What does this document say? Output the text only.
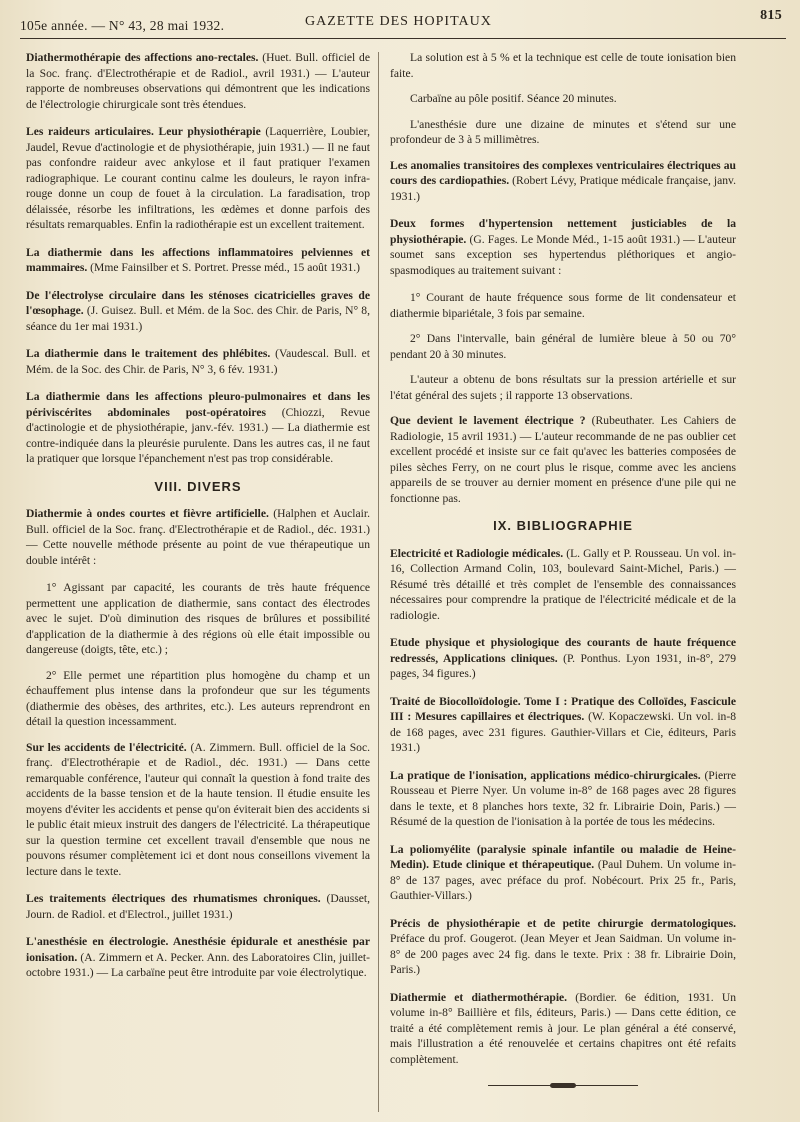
105e année. — N° 43, 28 mai 1932.	GAZETTE DES HOPITAUX	815

Diathermothérapie des affections ano-rectales. (Huet. Bull. officiel de la Soc. franç. d'Electrothérapie et de Radiol., avril 1931.) — L'auteur rapporte de nombreuses observations qui démontrent que les indications de l'électrologie chirurgicale sont très étendues.

Les raideurs articulaires. Leur physiothérapie (Laquerrière, Loubier, Jaudel, Revue d'actinologie et de physiothérapie, juin 1931.) — Il ne faut pas confondre raideur avec ankylose et il faut pratiquer l'examen radiographique. Le courant continu calme les douleurs, le rayon infra-rouge donne un coup de fouet à la circulation. La faradisation, trop délaissée, résorbe les infiltrations, les œdèmes et donne parfois des résultats remarquables. Enfin la radiothérapie est un excellent traitement.

La diathermie dans les affections inflammatoires pelviennes et mammaires. (Mme Fainsilber et S. Portret. Presse méd., 15 août 1931.)

De l'électrolyse circulaire dans les sténoses cicatricielles graves de l'œsophage. (J. Guisez. Bull. et Mém. de la Soc. des Chir. de Paris, N° 8, séance du 1er mai 1931.)

La diathermie dans le traitement des phlébites. (Vaudescal. Bull. et Mém. de la Soc. des Chir. de Paris, N° 3, 6 fév. 1931.)

La diathermie dans les affections pleuro-pulmonaires et dans les périviscérites abdominales post-opératoires (Chiozzi, Revue d'actinologie et de physiothérapie, janv.-fév. 1931.) — La diathermie est contre-indiquée dans la pleurésie purulente. Dans les autres cas, il ne faut la pratiquer que lorsque l'épanchement n'est pas trop considérable.

VIII. DIVERS

Diathermie à ondes courtes et fièvre artificielle. (Halphen et Auclair. Bull. officiel de la Soc. franç. d'Electrothérapie et de Radiol., déc. 1931.) — Cette nouvelle méthode présente au point de vue thérapeutique un double intérêt :

1° Agissant par capacité, les courants de très haute fréquence permettent une application de diathermie, sans contact des électrodes avec le sujet. D'où diminution des risques de brûlures et possibilité d'application de la diathermie à des régions où elle était impossible ou dangereuse (doigts, tête, etc.) ;

2° Elle permet une répartition plus homogène du champ et un échauffement plus intense dans la profondeur que sur les téguments (diathermie des obèses, des arthrites, etc.). Les auteurs reprendront en détail la question incessamment.

Sur les accidents de l'électricité. (A. Zimmern. Bull. officiel de la Soc. franç. d'Electrothérapie et de Radiol., déc. 1931.) — Dans cette remarquable conférence, l'auteur qui connaît la question à fond traite des accidents de la basse tension et de la haute tension. Il étudie ensuite les moyens d'éviter les accidents et pense qu'on éviterait bien des accidents si le public était mieux instruit des dangers de l'électricité. La thérapeutique sur la question termine cet excellent travail d'ensemble que nous ne pouvons résumer complètement ici et dont nous conseillons vivement la lecture dans le texte.

Les traitements électriques des rhumatismes chroniques. (Dausset, Journ. de Radiol. et d'Electrol., juillet 1931.)

L'anesthésie en électrologie. Anesthésie épidurale et anesthésie par ionisation. (A. Zimmern et A. Pecker. Ann. des Laboratoires Clin, juillet-octobre 1931.) — La carbaïne peut être introduite par voie électrolytique.

La solution est à 5 % et la technique est celle de toute ionisation bien faite.

Carbaïne au pôle positif. Séance 20 minutes.

L'anesthésie dure une dizaine de minutes et s'étend sur une profondeur de 3 à 5 millimètres.

Les anomalies transitoires des complexes ventriculaires électriques au cours des cardiopathies. (Robert Lévy, Pratique médicale française, janv. 1931.)

Deux formes d'hypertension nettement justiciables de la physiothérapie. (G. Fages. Le Monde Méd., 1-15 août 1931.) — L'auteur soumet sans exception ses hypertendus pléthoriques et angio-spasmodiques au traitement suivant :

1° Courant de haute fréquence sous forme de lit condensateur et diathermie bipariétale, 3 fois par semaine.

2° Dans l'intervalle, bain général de lumière bleue à 50 ou 70° pendant 20 à 30 minutes.

L'auteur a obtenu de bons résultats sur la pression artérielle et sur l'état général des sujets ; il rapporte 13 observations.

Que devient le lavement électrique ? (Rubeuthater. Les Cahiers de Radiologie, 15 avril 1931.) — L'auteur recommande de ne pas oublier cet excellent procédé et insiste sur ce fait qu'avec les batteries composées de piles sèches Ferry, on ne court plus le risque, comme avec les anciens appareils de se trouver au dernier moment en présence d'une pile qui ne fonctionne pas.

IX. BIBLIOGRAPHIE

Electricité et Radiologie médicales. (L. Gally et P. Rousseau. Un vol. in-16, Collection Armand Colin, 103, boulevard Saint-Michel, Paris.) — Résumé très détaillé et très complet de l'ensemble des connaissances nécessaires pour comprendre la pratique de l'électricité médicale et de la radiologie.

Etude physique et physiologique des courants de haute fréquence redressés, Applications cliniques. (P. Ponthus. Lyon 1931, in-8°, 279 pages, 34 figures.)

Traité de Biocolloïdologie. Tome I : Pratique des Colloïdes, Fascicule III : Mesures capillaires et électriques. (W. Kopaczewski. Un vol. in-8 de 168 pages, avec 231 figures. Gauthier-Villars et Cie, éditeurs, Paris 1931.)

La pratique de l'ionisation, applications médico-chirurgicales. (Pierre Rousseau et Pierre Nyer. Un volume in-8° de 168 pages avec 28 figures dans le texte, et 8 planches hors texte, 32 fr. Librairie Doin, Paris.) — Résumé de la question de l'ionisation à la portée de tous les médecins.

La poliomyélite (paralysie spinale infantile ou maladie de Heine-Medin). Etude clinique et thérapeutique. (Paul Duhem. Un volume in-8° de 137 pages, avec préface du prof. Nobécourt. Prix 25 fr., Paris, Gauthier-Villars.)

Précis de physiothérapie et de petite chirurgie dermatologiques. Préface du prof. Gougerot. (Jean Meyer et Jean Saidman. Un volume in-8° de 200 pages avec 24 fig. dans le texte. Prix : 38 fr. Librairie Doin, Paris.)

Diathermie et diathermothérapie. (Bordier. 6e édition, 1931. Un volume in-8° Baillière et fils, éditeurs, Paris.) — Dans cette édition, ce traité a été complètement remis à jour. Le plan général a été conservé, mais l'illustration a été renouvelée et certains chapitres ont été refaits complètement.
